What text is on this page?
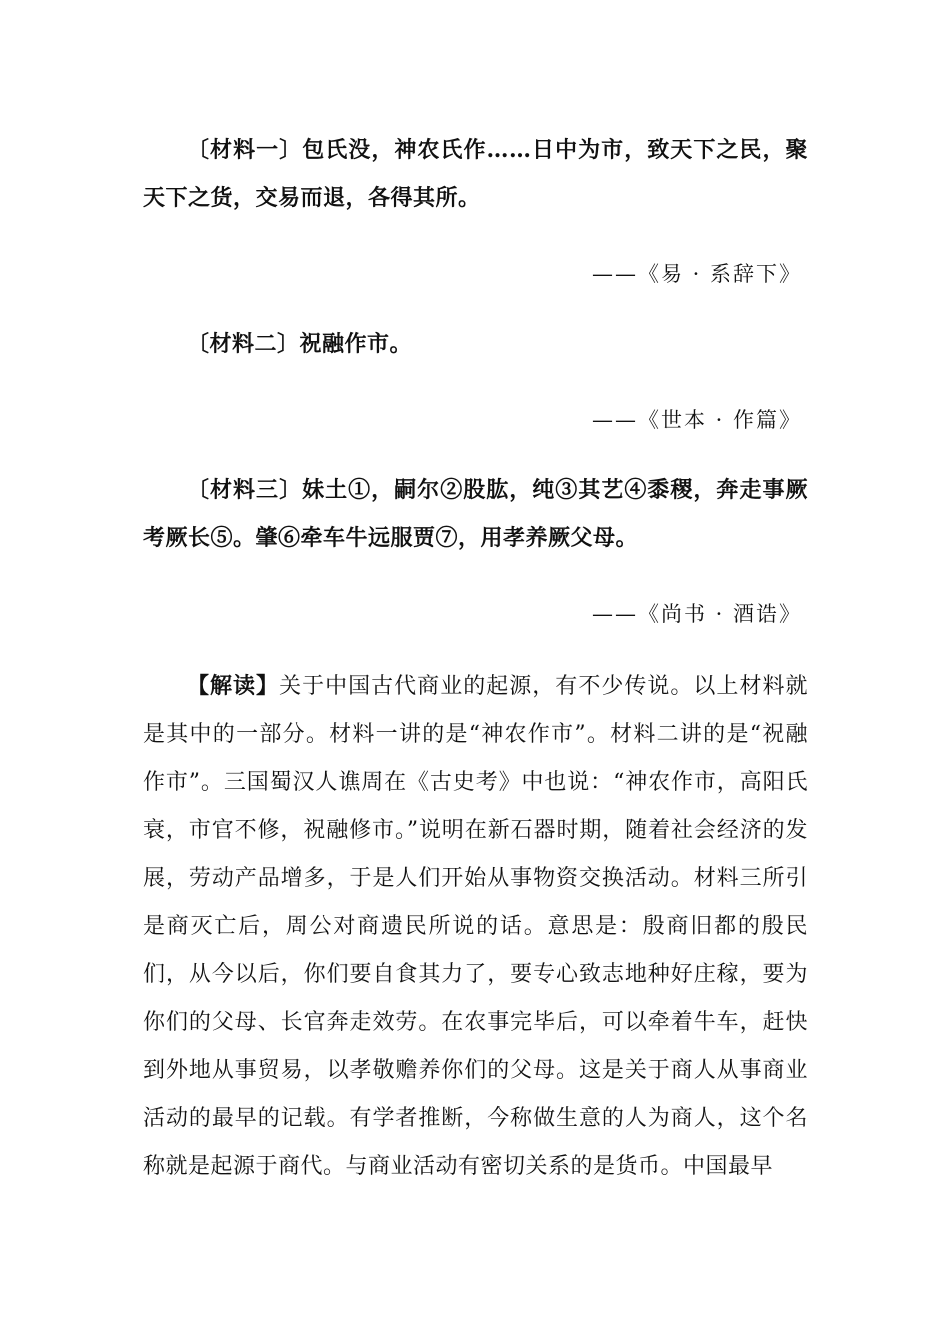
〔材料一〕包氏没，神农氏作……日中为市，致天下之民，聚天下之货，交易而退，各得其所。

——《易 · 系辞下》

〔材料二〕祝融作市。

——《世本 · 作篇》

〔材料三〕妹土①，嗣尔②股肱，纯③其艺④黍稷，奔走事厥考厥长⑤。肇⑥牵车牛远服贾⑦，用孝养厥父母。

——《尚书 · 酒诰》

【解读】关于中国古代商业的起源，有不少传说。以上材料就是其中的一部分。材料一讲的是“神农作市”。材料二讲的是“祝融作市”。三国蜀汉人谯周在《古史考》中也说：“神农作市，高阳氏衰，市官不修，祝融修市。”说明在新石器时期，随着社会经济的发展，劳动产品增多，于是人们开始从事物资交换活动。材料三所引是商灭亡后，周公对商遗民所说的话。意思是：殷商旧都的殷民们，从今以后，你们要自食其力了，要专心致志地种好庄稼，要为你们的父母、长官奔走效劳。在农事完毕后，可以牵着牛车，赶快到外地从事贸易，以孝敬赡养你们的父母。这是关于商人从事商业活动的最早的记载。有学者推断，今称做生意的人为商人，这个名称就是起源于商代。与商业活动有密切关系的是货币。中国最早
